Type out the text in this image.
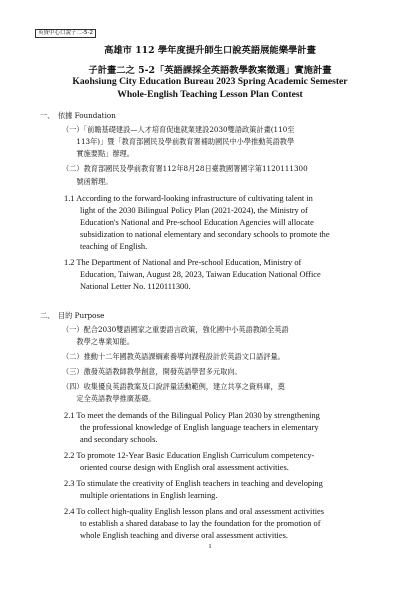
英資中心口說子二-5-2
高雄市 112 學年度提升師生口說英語展能樂學計畫
子計畫二之 5-2「英語課採全英語教學教案徵選」實施計畫
Kaohsiung City Education Bureau 2023 Spring Academic Semester
Whole-English Teaching Lesson Plan Contest
一、　依據 Foundation
（一）「前瞻基礎建設—人才培育促進就業建設2030雙語政策計畫(110至
　　113年)」暨「教育部國民及學前教育署補助國民中小學推動英語教學
　　實施要點」辦理。
（二）教育部國民及學前教育署112年8月28日臺教國署國字第1120111300
　　號函辦理。
1.1 According to the forward-looking infrastructure of cultivating talent in
light of the 2030 Bilingual Policy Plan (2021-2024), the Ministry of
Education's National and Pre-school Education Agencies will allocate
subsidization to national elementary and secondary schools to promote the
teaching of English.
1.2 The Department of National and Pre-school Education, Ministry of
Education, Taiwan, August 28, 2023, Taiwan Education National Office
National Letter No. 1120111300.
二、　目的 Purpose
（一）配合2030雙語國家之重要語言政策，強化國中小英語教師全英語
　　教學之專業知能。
（二）推動十二年國教英語課綱素養導向課程設計於英語文口語評量。
（三）激發英語教師教學創意，開發英語學習多元取向。
（四）收集優良英語教案及口說評量活動範例，建立共享之資料庫，奠
　　定全英語教學推廣基礎。
2.1 To meet the demands of the Bilingual Policy Plan 2030 by strengthening
the professional knowledge of English language teachers in elementary
and secondary schools.
2.2 To promote 12-Year Basic Education English Curriculum competency-
oriented course design with English oral assessment activities.
2.3 To stimulate the creativity of English teachers in teaching and developing
multiple orientations in English learning.
2.4 To collect high-quality English lesson plans and oral assessment activities
to establish a shared database to lay the foundation for the promotion of
whole English teaching and diverse oral assessment activities.
1
